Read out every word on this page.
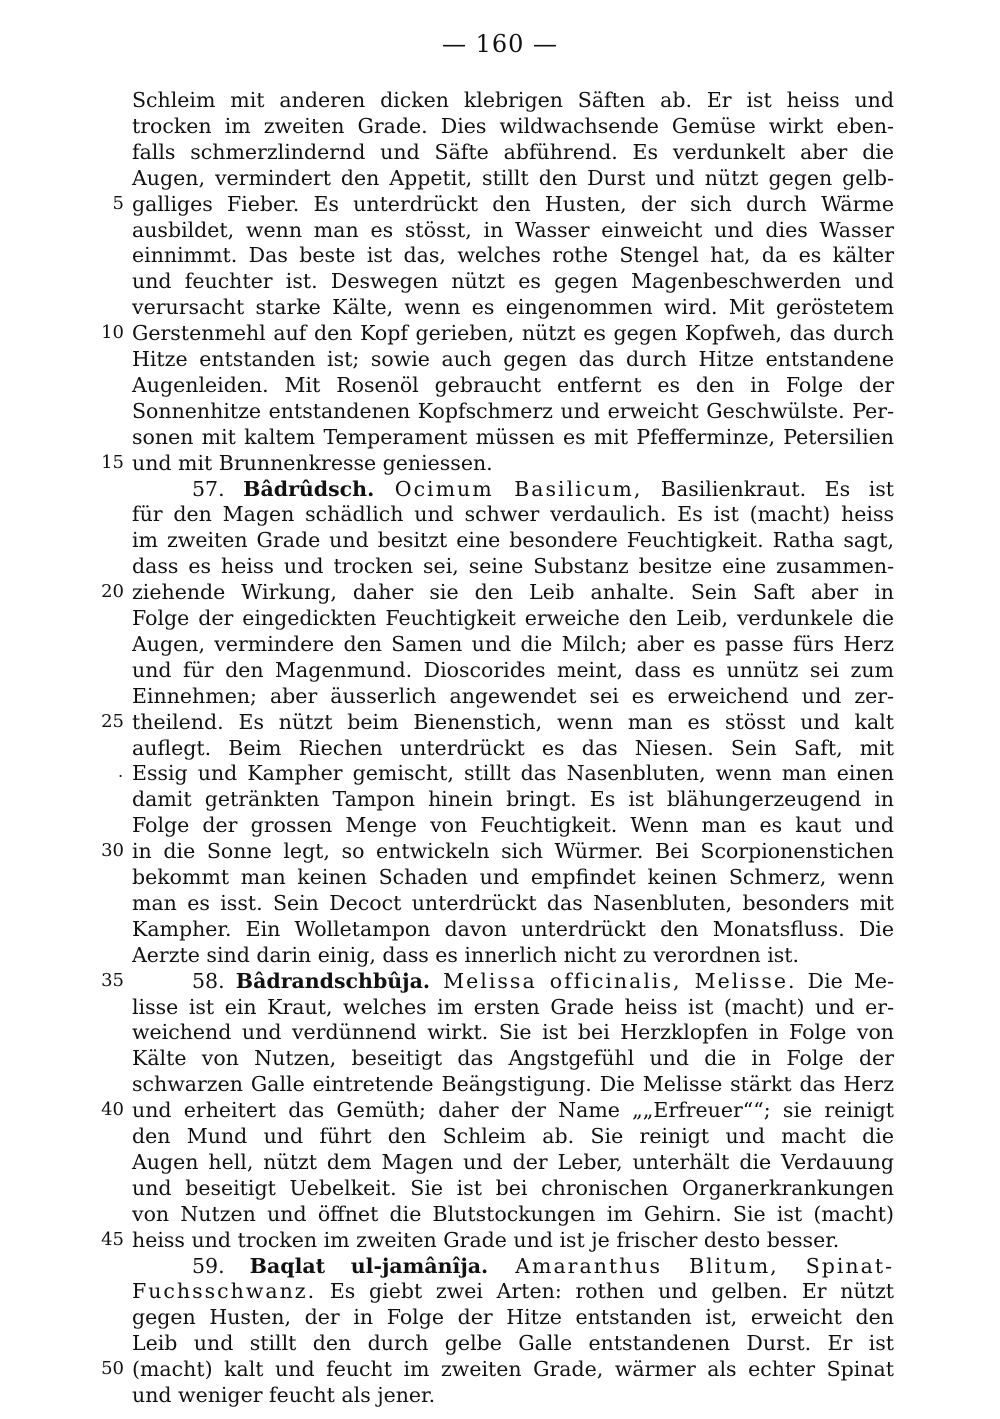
— 160 —
.
Schleim mit anderen dicken klebrigen Säften ab. Er ist heiss und
trocken im zweiten Grade. Dies wildwachsende Gemüse wirkt eben-
falls schmerzlindernd und Säfte abführend. Es verdunkelt aber die
Augen, vermindert den Appetit, stillt den Durst und nützt gegen gelb-
galliges Fieber. Es unterdrückt den Husten, der sich durch Wärme
5
ausbildet, wenn man es stösst, in Wasser einweicht und dies Wasser
einnimmt. Das beste ist das, welches rothe Stengel hat, da es kälter
und feuchter ist. Deswegen nützt es gegen Magenbeschwerden und
verursacht starke Kälte, wenn es eingenommen wird. Mit geröstetem
Gerstenmehl auf den Kopf gerieben, nützt es gegen Kopfweh, das durch
10
Hitze entstanden ist; sowie auch gegen das durch Hitze entstandene
Augenleiden. Mit Rosenöl gebraucht entfernt es den in Folge der
Sonnenhitze entstandenen Kopfschmerz und erweicht Geschwülste. Per-
sonen mit kaltem Temperament müssen es mit Pfefferminze, Petersilien
und mit Brunnenkresse geniessen.
15
57. Bâdrûdsch. Ocimum Basilicum, Basilienkraut. Es ist
für den Magen schädlich und schwer verdaulich. Es ist (macht) heiss
im zweiten Grade und besitzt eine besondere Feuchtigkeit. Ratha sagt,
dass es heiss und trocken sei, seine Substanz besitze eine zusammen-
ziehende Wirkung, daher sie den Leib anhalte. Sein Saft aber in
20
Folge der eingedickten Feuchtigkeit erweiche den Leib, verdunkele die
Augen, vermindere den Samen und die Milch; aber es passe fürs Herz
und für den Magenmund. Dioscorides meint, dass es unnütz sei zum
Einnehmen; aber äusserlich angewendet sei es erweichend und zer-
theilend. Es nützt beim Bienenstich, wenn man es stösst und kalt
25
auflegt. Beim Riechen unterdrückt es das Niesen. Sein Saft, mit
Essig und Kampher gemischt, stillt das Nasenbluten, wenn man einen
damit getränkten Tampon hinein bringt. Es ist blähungerzeugend in
Folge der grossen Menge von Feuchtigkeit. Wenn man es kaut und
in die Sonne legt, so entwickeln sich Würmer. Bei Scorpionenstichen
30
bekommt man keinen Schaden und empfindet keinen Schmerz, wenn
man es isst. Sein Decoct unterdrückt das Nasenbluten, besonders mit
Kampher. Ein Wolletampon davon unterdrückt den Monatsfluss. Die
Aerzte sind darin einig, dass es innerlich nicht zu verordnen ist.
58. Bâdrandschbûja. Melissa officinalis, Melisse. Die Me-
35
lisse ist ein Kraut, welches im ersten Grade heiss ist (macht) und er-
weichend und verdünnend wirkt. Sie ist bei Herzklopfen in Folge von
Kälte von Nutzen, beseitigt das Angstgefühl und die in Folge der
schwarzen Galle eintretende Beängstigung. Die Melisse stärkt das Herz
und erheitert das Gemüth; daher der Name „„Erfreuer““; sie reinigt
40
den Mund und führt den Schleim ab. Sie reinigt und macht die
Augen hell, nützt dem Magen und der Leber, unterhält die Verdauung
und beseitigt Uebelkeit. Sie ist bei chronischen Organerkrankungen
von Nutzen und öffnet die Blutstockungen im Gehirn. Sie ist (macht)
heiss und trocken im zweiten Grade und ist je frischer desto besser.
45
59. Baqlat ul-jamânîja. Amaranthus Blitum, Spinat-
Fuchsschwanz. Es giebt zwei Arten: rothen und gelben. Er nützt
gegen Husten, der in Folge der Hitze entstanden ist, erweicht den
Leib und stillt den durch gelbe Galle entstandenen Durst. Er ist
(macht) kalt und feucht im zweiten Grade, wärmer als echter Spinat
50
und weniger feucht als jener.
